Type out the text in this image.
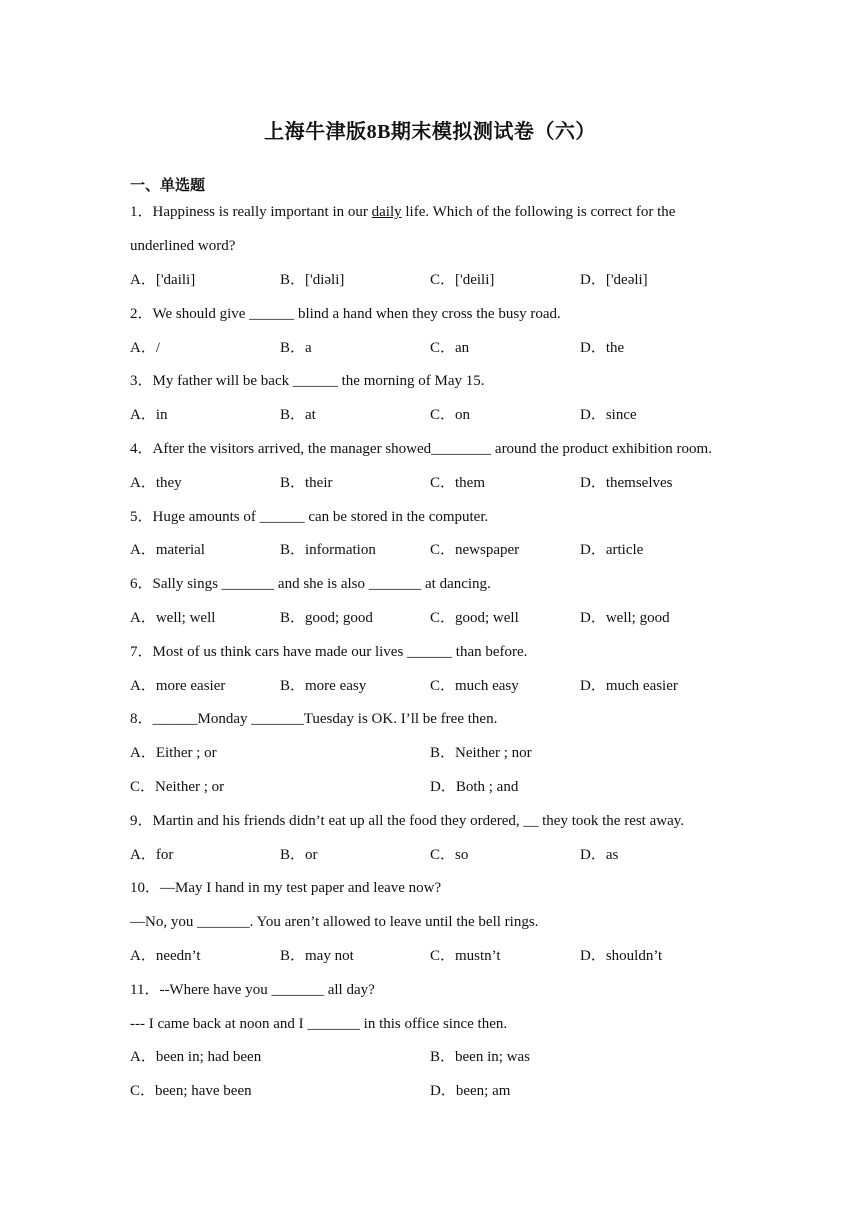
上海牛津版8B期末模拟测试卷（六）
一、单选题
1．Happiness is really important in our daily life. Which of the following is correct for the
underlined word?
A．['daili]	B．['diəli]	C．['deili]	D．['deəli]
2．We should give ______ blind a hand when they cross the busy road.
A．/	B．a	C．an	D．the
3．My father will be back ______ the morning of May 15.
A．in	B．at	C．on	D．since
4．After the visitors arrived, the manager showed________ around the product exhibition room.
A．they	B．their	C．them	D．themselves
5．Huge amounts of ______ can be stored in the computer.
A．material	B．information	C．newspaper	D．article
6．Sally sings _______ and she is also _______ at dancing.
A．well; well	B．good; good	C．good; well	D．well; good
7．Most of us think cars have made our lives ______ than before.
A．more easier	B．more easy	C．much easy	D．much easier
8．______Monday _______Tuesday is OK. I’ll be free then.
A．Either ; or	B．Neither ; nor
C．Neither ; or	D．Both ; and
9．Martin and his friends didn’t eat up all the food they ordered, __ they took the rest away.
A．for	B．or	C．so	D．as
10．—May I hand in my test paper and leave now?
—No, you _______. You aren’t allowed to leave until the bell rings.
A．needn’t	B．may not	C．mustn’t	D．shouldn’t
11．--Where have you _______ all day?
--- I came back at noon and I _______ in this office since then.
A．been in; had been	B．been in; was
C．been; have been	D．been; am
